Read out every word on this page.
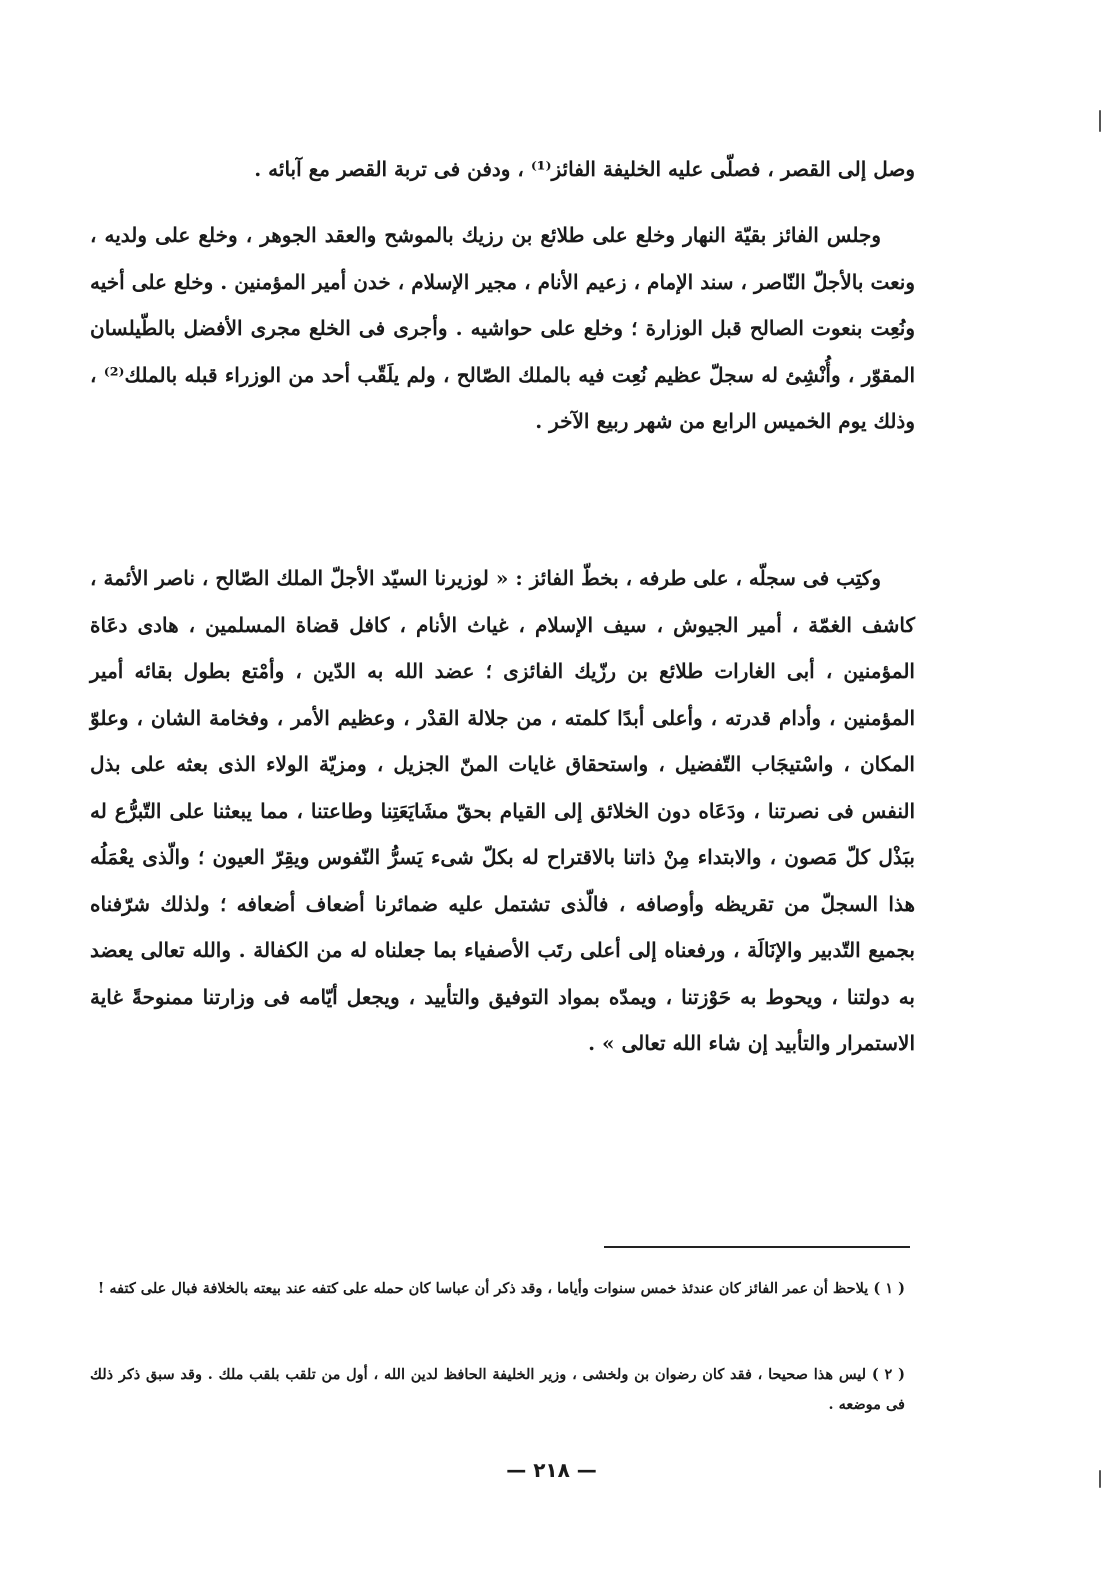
وصل إلى القصر ، فصلّى عليه الخليفة الفائز⁽¹⁾ ، ودفن فى تربة القصر مع آبائه .

وجلس الفائز بقيّة النهار وخلع على طلائع بن رزيك بالموشح والعقد الجوهر ، وخلع على ولديه ، ونعت بالأجلّ النّاصر ، سند الإمام ، زعيم الأنام ، مجير الإسلام ، خدن أمير المؤمنين . وخلع على أخيه ونُعِت بنعوت الصالح قبل الوزارة ؛ وخلع على حواشيه . وأجرى فى الخلع مجرى الأفضل بالطّيلسان المقوّر ، وأُنْشِئ له سجلّ عظيم نُعِت فيه بالملك الصّالح ، ولم يلَقّب أحد من الوزراء قبله بالملك⁽²⁾ ، وذلك يوم الخميس الرابع من شهر ربيع الآخر .

وكتِب فى سجلّه ، على طرفه ، بخطّ الفائز : « لوزيرنا السيّد الأجلّ الملك الصّالح ، ناصر الأئمة ، كاشف الغمّة ، أمير الجيوش ، سيف الإسلام ، غياث الأنام ، كافل قضاة المسلمين ، هادى دعَاة المؤمنين ، أبى الغارات طلائع بن رزّيك الفائزى ؛ عضد الله به الدّين ، وأمْتع بطول بقائه أمير المؤمنين ، وأدام قدرته ، وأعلى أبدًا كلمته ، من جلالة القدْر ، وعظيم الأمر ، وفخامة الشان ، وعلوّ المكان ، واسْتيجَاب التّفضيل ، واستحقاق غايات المنّ الجزيل ، ومزيّة الولاء الذى بعثه على بذل النفس فى نصرتنا ، ودَعَاه دون الخلائق إلى القيام بحقّ مشَايَعَتِنا وطاعتنا ، مما يبعثنا على التّبرُّع له ببَذْل كلّ مَصون ، والابتداء مِنْ ذاتنا بالاقتراح له بكلّ شىء يَسرُّ النّفوس ويقِرّ العيون ؛ والّذى يعْمَلُه هذا السجلّ من تقريظه وأوصافه ، فالّذى تشتمل عليه ضمائرنا أضعاف أضعافه ؛ ولذلك شرّفناه بجميع التّدبير والإنَالَة ، ورفعناه إلى أعلى رتَب الأصفياء بما جعلناه له من الكفالة . والله تعالى يعضد به دولتنا ، ويحوط به حَوْزتنا ، ويمدّه بمواد التوفيق والتأييد ، ويجعل أيّامه فى وزارتنا ممنوحةً غاية الاستمرار والتأبيد إن شاء الله تعالى » .

( ١ ) يلاحظ أن عمر الفائز كان عندئذ خمس سنوات وأياما ، وقد ذكر أن عباسا كان حمله على كتفه عند بيعته بالخلافة فبال على كتفه !

( ٢ ) ليس هذا صحيحا ، فقد كان رضوان بن ولخشى ، وزير الخليفة الحافظ لدين الله ، أول من تلقب بلقب ملك . وقد سبق ذكر ذلك فى موضعه .

— ٢١٨ —
